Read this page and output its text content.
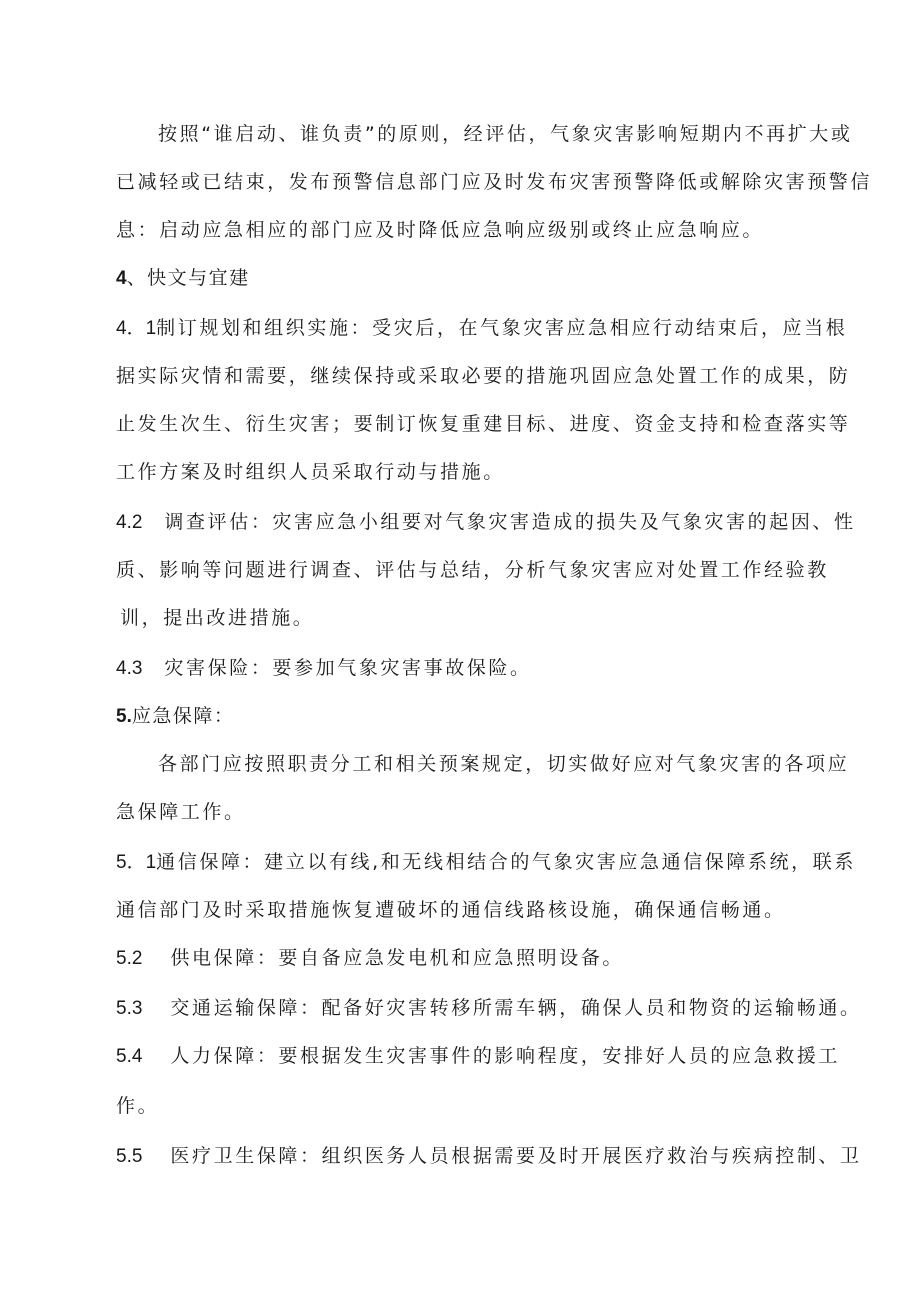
按照“谁启动、谁负责”的原则，经评估，气象灾害影响短期内不再扩大或
已减轻或已结束，发布预警信息部门应及时发布灾害预警降低或解除灾害预警信
息：启动应急相应的部门应及时降低应急响应级别或终止应急响应。
4、快文与宜建
4．1制订规划和组织实施：受灾后，在气象灾害应急相应行动结束后，应当根
据实际灾情和需要，继续保持或采取必要的措施巩固应急处置工作的成果，防
止发生次生、衍生灾害；要制订恢复重建目标、进度、资金支持和检查落实等
工作方案及时组织人员采取行动与措施。
4.2 调查评估：灾害应急小组要对气象灾害造成的损失及气象灾害的起因、性
质、影响等问题进行调查、评估与总结，分析气象灾害应对处置工作经验教
训，提出改进措施。
4.3 灾害保险：要参加气象灾害事故保险。
5.应急保障：
各部门应按照职责分工和相关预案规定，切实做好应对气象灾害的各项应
急保障工作。
5．1通信保障：建立以有线,和无线相结合的气象灾害应急通信保障系统，联系
通信部门及时采取措施恢复遭破坏的通信线路核设施，确保通信畅通。
5.2 供电保障：要自备应急发电机和应急照明设备。
5.3 交通运输保障：配备好灾害转移所需车辆，确保人员和物资的运输畅通。
5.4 人力保障：要根据发生灾害事件的影响程度，安排好人员的应急救援工
作。
5.5 医疗卫生保障：组织医务人员根据需要及时开展医疗救治与疾病控制、卫
